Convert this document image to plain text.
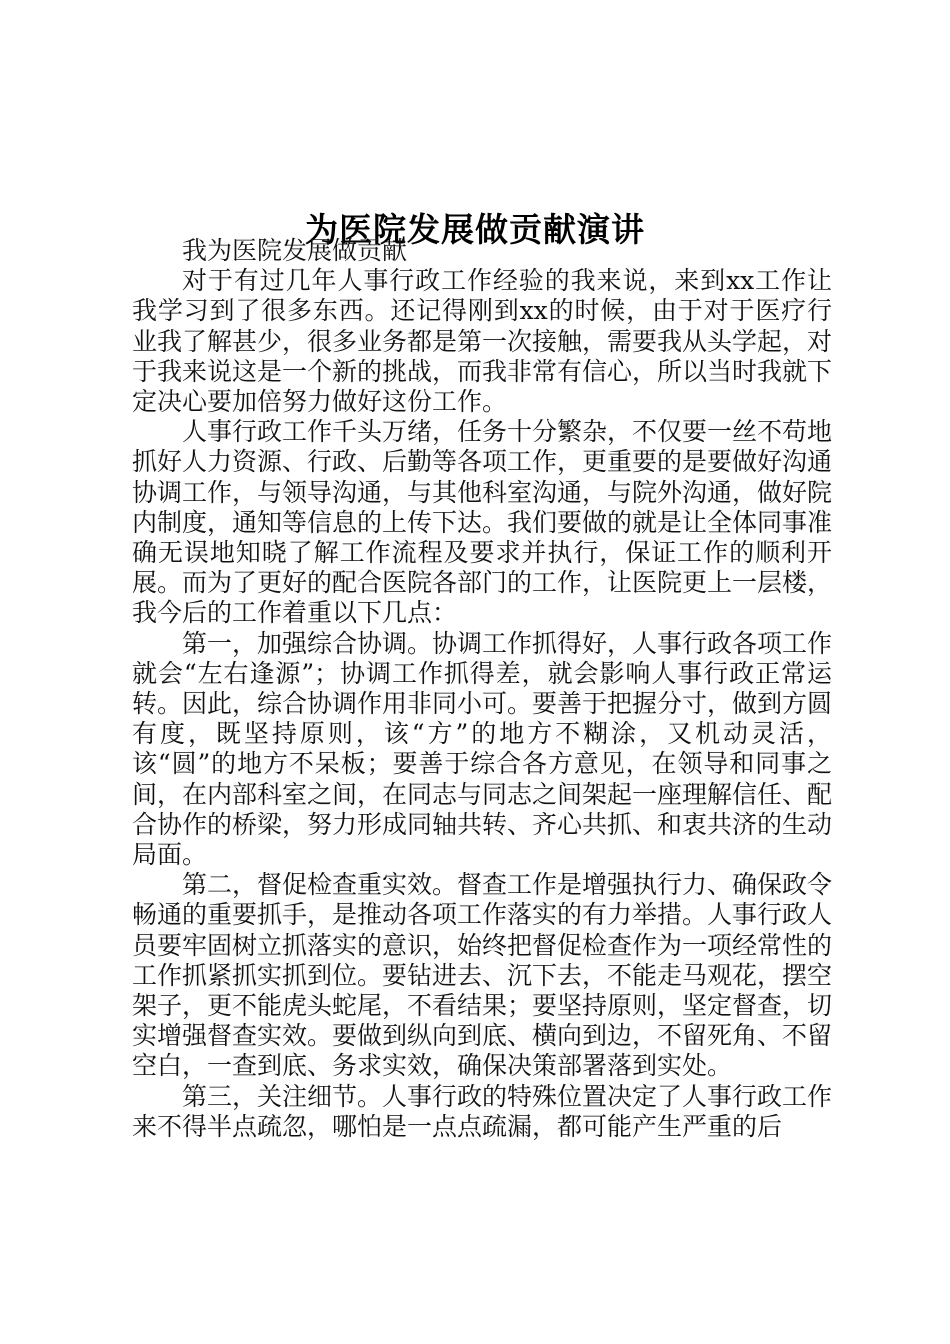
为医院发展做贡献演讲

我为医院发展做贡献

对于有过几年人事行政工作经验的我来说，来到xx工作让我学习到了很多东西。还记得刚到xx的时候，由于对于医疗行业我了解甚少，很多业务都是第一次接触，需要我从头学起，对于我来说这是一个新的挑战，而我非常有信心，所以当时我就下定决心要加倍努力做好这份工作。

人事行政工作千头万绪，任务十分繁杂，不仅要一丝不苟地抓好人力资源、行政、后勤等各项工作，更重要的是要做好沟通协调工作，与领导沟通，与其他科室沟通，与院外沟通，做好院内制度，通知等信息的上传下达。我们要做的就是让全体同事准确无误地知晓了解工作流程及要求并执行，保证工作的顺利开展。而为了更好的配合医院各部门的工作，让医院更上一层楼，我今后的工作着重以下几点：

第一，加强综合协调。协调工作抓得好，人事行政各项工作就会“左右逢源”；协调工作抓得差，就会影响人事行政正常运转。因此，综合协调作用非同小可。要善于把握分寸，做到方圆有度，既坚持原则，该“方”的地方不糊涂，又机动灵活，该“圆”的地方不呆板；要善于综合各方意见，在领导和同事之间，在内部科室之间，在同志与同志之间架起一座理解信任、配合协作的桥梁，努力形成同轴共转、齐心共抓、和衷共济的生动局面。

第二，督促检查重实效。督查工作是增强执行力、确保政令畅通的重要抓手，是推动各项工作落实的有力举措。人事行政人员要牢固树立抓落实的意识，始终把督促检查作为一项经常性的工作抓紧抓实抓到位。要钻进去、沉下去，不能走马观花，摆空架子，更不能虎头蛇尾，不看结果；要坚持原则，坚定督查，切实增强督查实效。要做到纵向到底、横向到边，不留死角、不留空白，一查到底、务求实效，确保决策部署落到实处。

第三，关注细节。人事行政的特殊位置决定了人事行政工作来不得半点疏忽，哪怕是一点点疏漏，都可能产生严重的后
